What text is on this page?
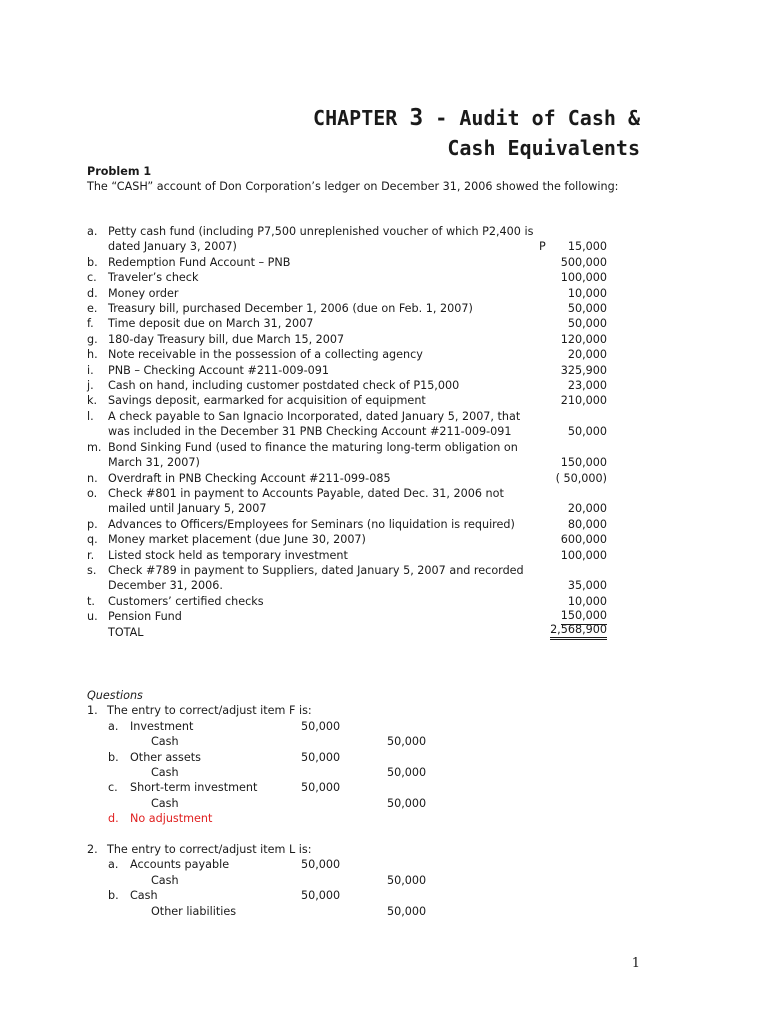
CHAPTER 3 - Audit of Cash &
Cash Equivalents
Problem 1
The “CASH” account of Don Corporation’s ledger on December 31, 2006 showed the following:
a. Petty cash fund (including P7,500 unreplenished voucher of which P2,400 is dated January 3, 2007)	P 15,000
b. Redemption Fund Account – PNB	500,000
c.	Traveler’s check	100,000
d. Money order	10,000
e. Treasury bill, purchased December 1, 2006 (due on Feb. 1, 2007)	50,000
f.	Time deposit due on March 31, 2007	50,000
g. 180-day Treasury bill, due March 15, 2007	120,000
h. Note receivable in the possession of a collecting agency	20,000
i.	PNB – Checking Account #211-009-091	325,900
j.	Cash on hand, including customer postdated check of P15,000	23,000
k. Savings deposit, earmarked for acquisition of equipment	210,000
l.	A check payable to San Ignacio Incorporated, dated January 5, 2007, that was included in the December 31 PNB Checking Account #211-009-091	50,000
m. Bond Sinking Fund (used to finance the maturing long-term obligation on March 31, 2007)	150,000
n. Overdraft in PNB Checking Account #211-099-085	( 50,000)
o. Check #801 in payment to Accounts Payable, dated Dec. 31, 2006 not mailed until January 5, 2007	20,000
p. Advances to Officers/Employees for Seminars (no liquidation is required)	80,000
q. Money market placement (due June 30, 2007)	600,000
r.	Listed stock held as temporary investment	100,000
s.	Check #789 in payment to Suppliers, dated January 5, 2007 and recorded December 31, 2006.	35,000
t.	Customers’ certified checks	10,000
u. Pension Fund	150,000
TOTAL	2,568,900
Questions
1. The entry to correct/adjust item F is:
a. Investment	50,000
Cash	50,000
b. Other assets	50,000
Cash	50,000
c. Short-term investment	50,000
Cash	50,000
d. No adjustment
2. The entry to correct/adjust item L is:
a. Accounts payable	50,000
Cash	50,000
b. Cash	50,000
Other liabilities	50,000
1
